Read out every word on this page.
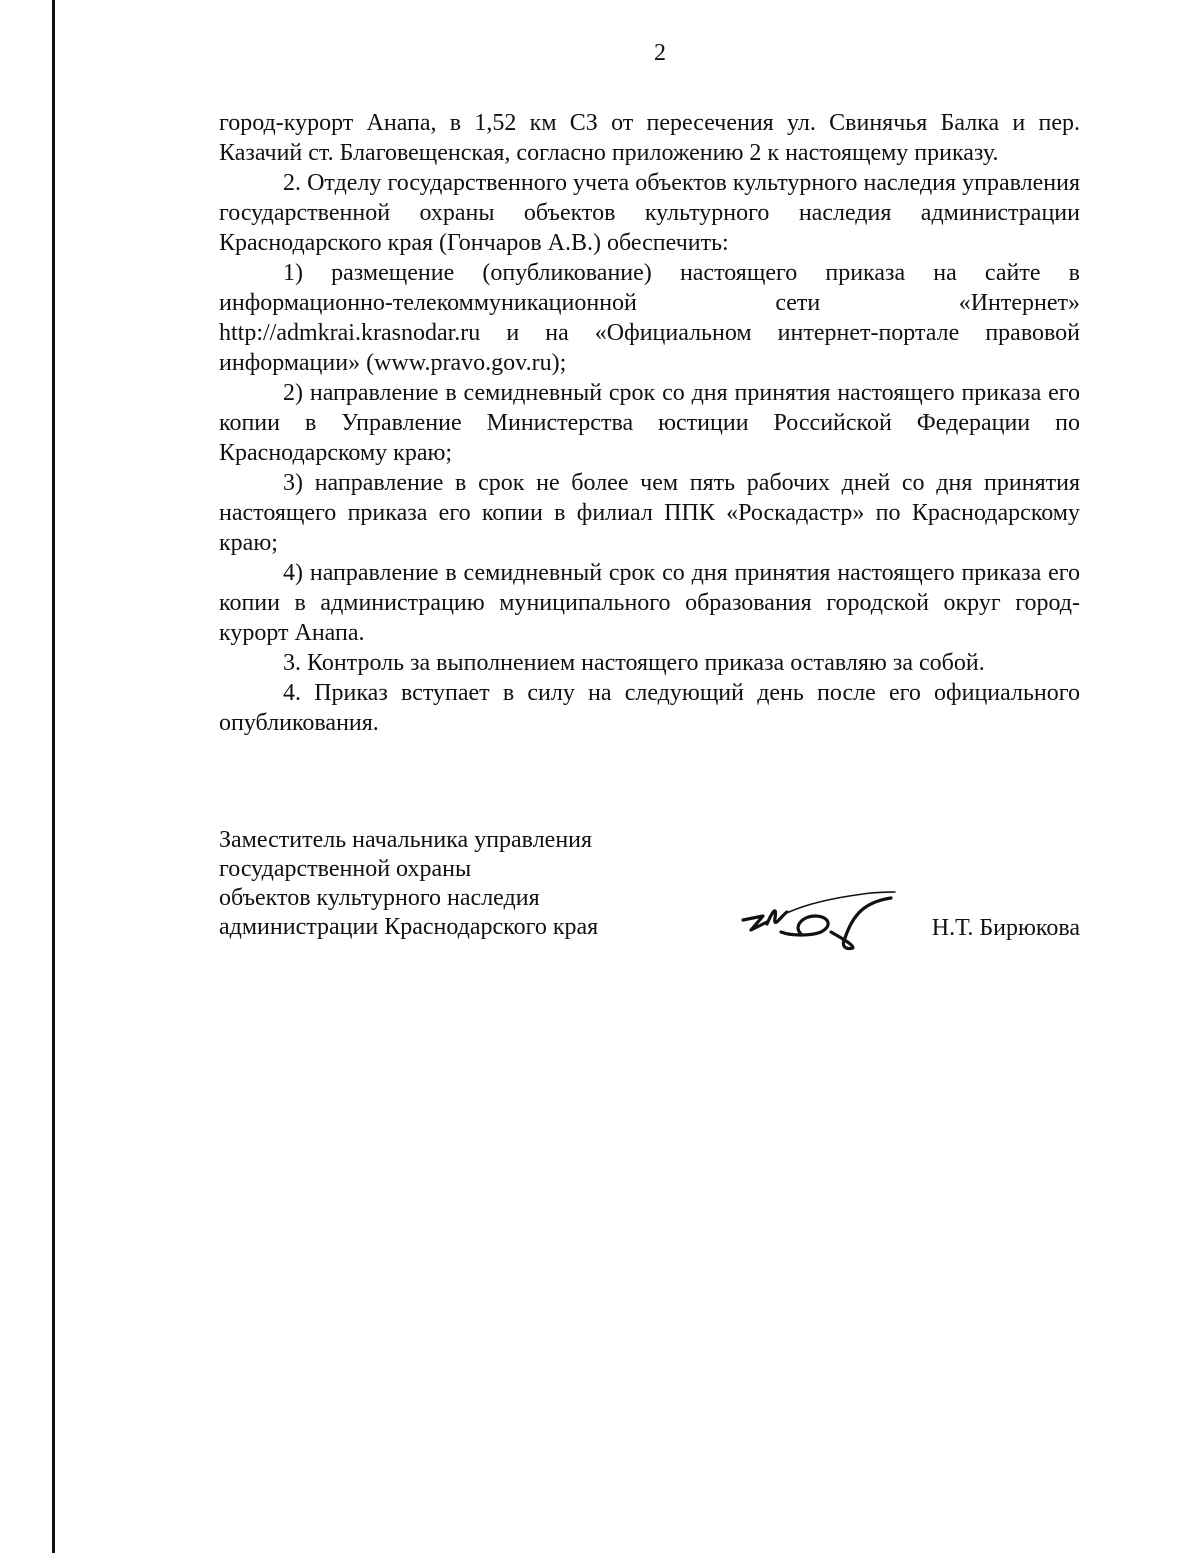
2

город-курорт Анапа, в 1,52 км СЗ от пересечения ул. Свинячья Балка и пер. Казачий ст. Благовещенская, согласно приложению 2 к настоящему приказу.

2. Отделу государственного учета объектов культурного наследия управления государственной охраны объектов культурного наследия администрации Краснодарского края (Гончаров А.В.) обеспечить:

1) размещение (опубликование) настоящего приказа на сайте в информационно-телекоммуникационной сети «Интернет»

http://admkrai.krasnodar.ru и на «Официальном интернет-портале правовой информации» (www.pravo.gov.ru);

2) направление в семидневный срок со дня принятия настоящего приказа его копии в Управление Министерства юстиции Российской Федерации по Краснодарскому краю;

3) направление в срок не более чем пять рабочих дней со дня принятия настоящего приказа его копии в филиал ППК «Роскадастр» по Краснодарскому краю;

4) направление в семидневный срок со дня принятия настоящего приказа его копии в администрацию муниципального образования городской округ город-курорт Анапа.

3. Контроль за выполнением настоящего приказа оставляю за собой.

4. Приказ вступает в силу на следующий день после его официального опубликования.

Заместитель начальника управления
государственной охраны
объектов культурного наследия
администрации Краснодарского края	Н.Т. Бирюкова
